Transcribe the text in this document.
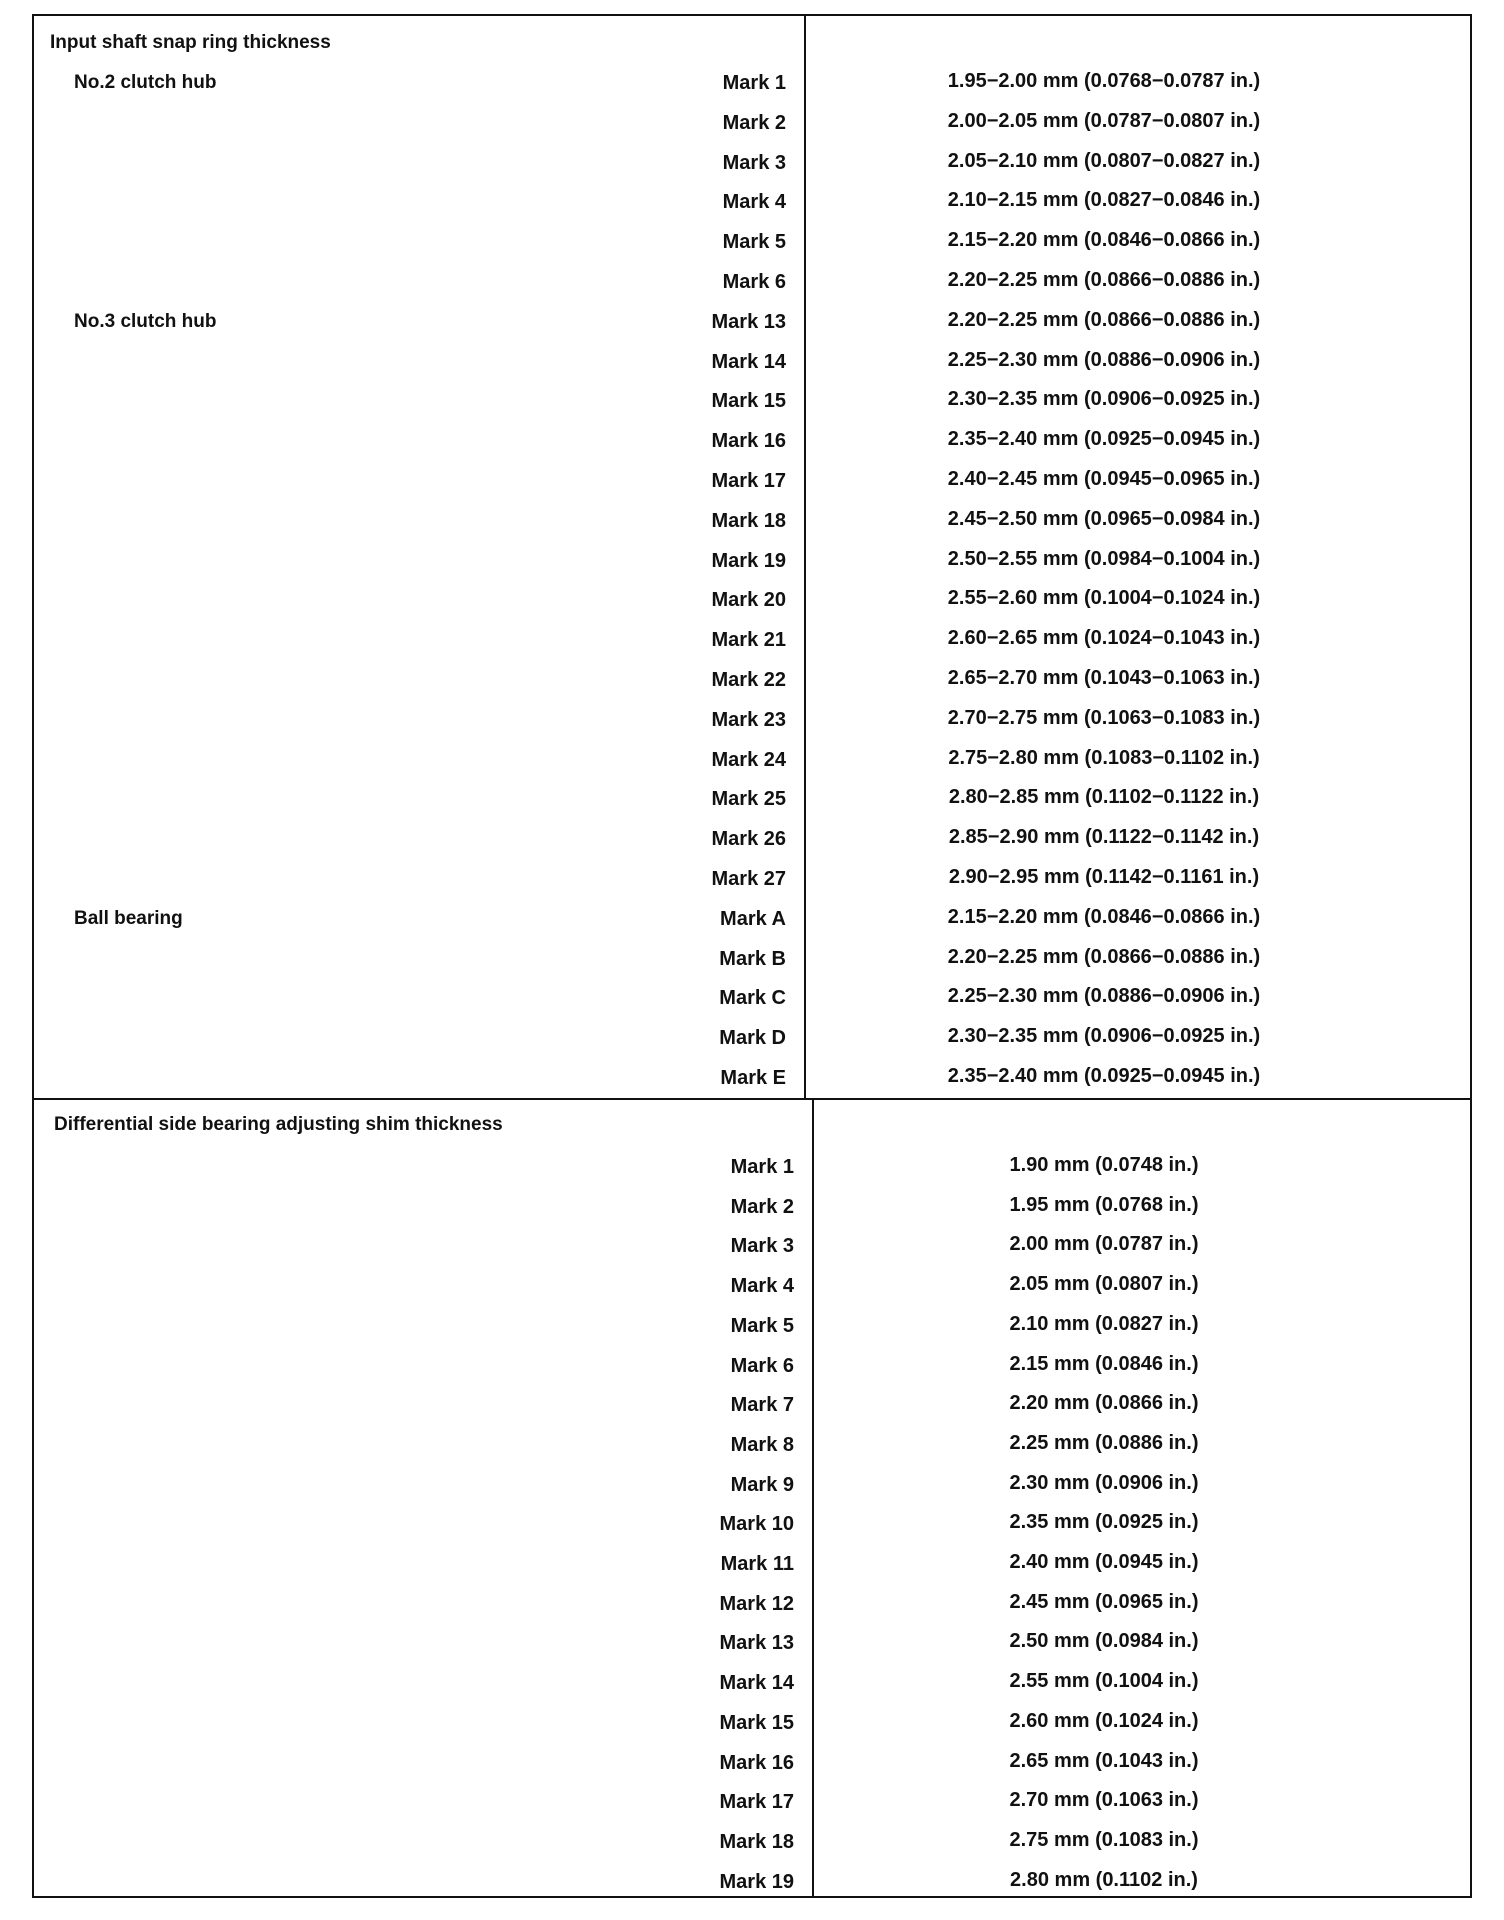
Input shaft snap ring thickness
No.2 clutch hub	Mark 1	1.95−2.00 mm (0.0768−0.0787 in.)
Mark 2	2.00−2.05 mm (0.0787−0.0807 in.)
Mark 3	2.05−2.10 mm (0.0807−0.0827 in.)
Mark 4	2.10−2.15 mm (0.0827−0.0846 in.)
Mark 5	2.15−2.20 mm (0.0846−0.0866 in.)
Mark 6	2.20−2.25 mm (0.0866−0.0886 in.)
No.3 clutch hub	Mark 13	2.20−2.25 mm (0.0866−0.0886 in.)
Mark 14	2.25−2.30 mm (0.0886−0.0906 in.)
Mark 15	2.30−2.35 mm (0.0906−0.0925 in.)
Mark 16	2.35−2.40 mm (0.0925−0.0945 in.)
Mark 17	2.40−2.45 mm (0.0945−0.0965 in.)
Mark 18	2.45−2.50 mm (0.0965−0.0984 in.)
Mark 19	2.50−2.55 mm (0.0984−0.1004 in.)
Mark 20	2.55−2.60 mm (0.1004−0.1024 in.)
Mark 21	2.60−2.65 mm (0.1024−0.1043 in.)
Mark 22	2.65−2.70 mm (0.1043−0.1063 in.)
Mark 23	2.70−2.75 mm (0.1063−0.1083 in.)
Mark 24	2.75−2.80 mm (0.1083−0.1102 in.)
Mark 25	2.80−2.85 mm (0.1102−0.1122 in.)
Mark 26	2.85−2.90 mm (0.1122−0.1142 in.)
Mark 27	2.90−2.95 mm (0.1142−0.1161 in.)
Ball bearing	Mark A	2.15−2.20 mm (0.0846−0.0866 in.)
Mark B	2.20−2.25 mm (0.0866−0.0886 in.)
Mark C	2.25−2.30 mm (0.0886−0.0906 in.)
Mark D	2.30−2.35 mm (0.0906−0.0925 in.)
Mark E	2.35−2.40 mm (0.0925−0.0945 in.)
Differential side bearing adjusting shim thickness
Mark 1	1.90 mm (0.0748 in.)
Mark 2	1.95 mm (0.0768 in.)
Mark 3	2.00 mm (0.0787 in.)
Mark 4	2.05 mm (0.0807 in.)
Mark 5	2.10 mm (0.0827 in.)
Mark 6	2.15 mm (0.0846 in.)
Mark 7	2.20 mm (0.0866 in.)
Mark 8	2.25 mm (0.0886 in.)
Mark 9	2.30 mm (0.0906 in.)
Mark 10	2.35 mm (0.0925 in.)
Mark 11	2.40 mm (0.0945 in.)
Mark 12	2.45 mm (0.0965 in.)
Mark 13	2.50 mm (0.0984 in.)
Mark 14	2.55 mm (0.1004 in.)
Mark 15	2.60 mm (0.1024 in.)
Mark 16	2.65 mm (0.1043 in.)
Mark 17	2.70 mm (0.1063 in.)
Mark 18	2.75 mm (0.1083 in.)
Mark 19	2.80 mm (0.1102 in.)
